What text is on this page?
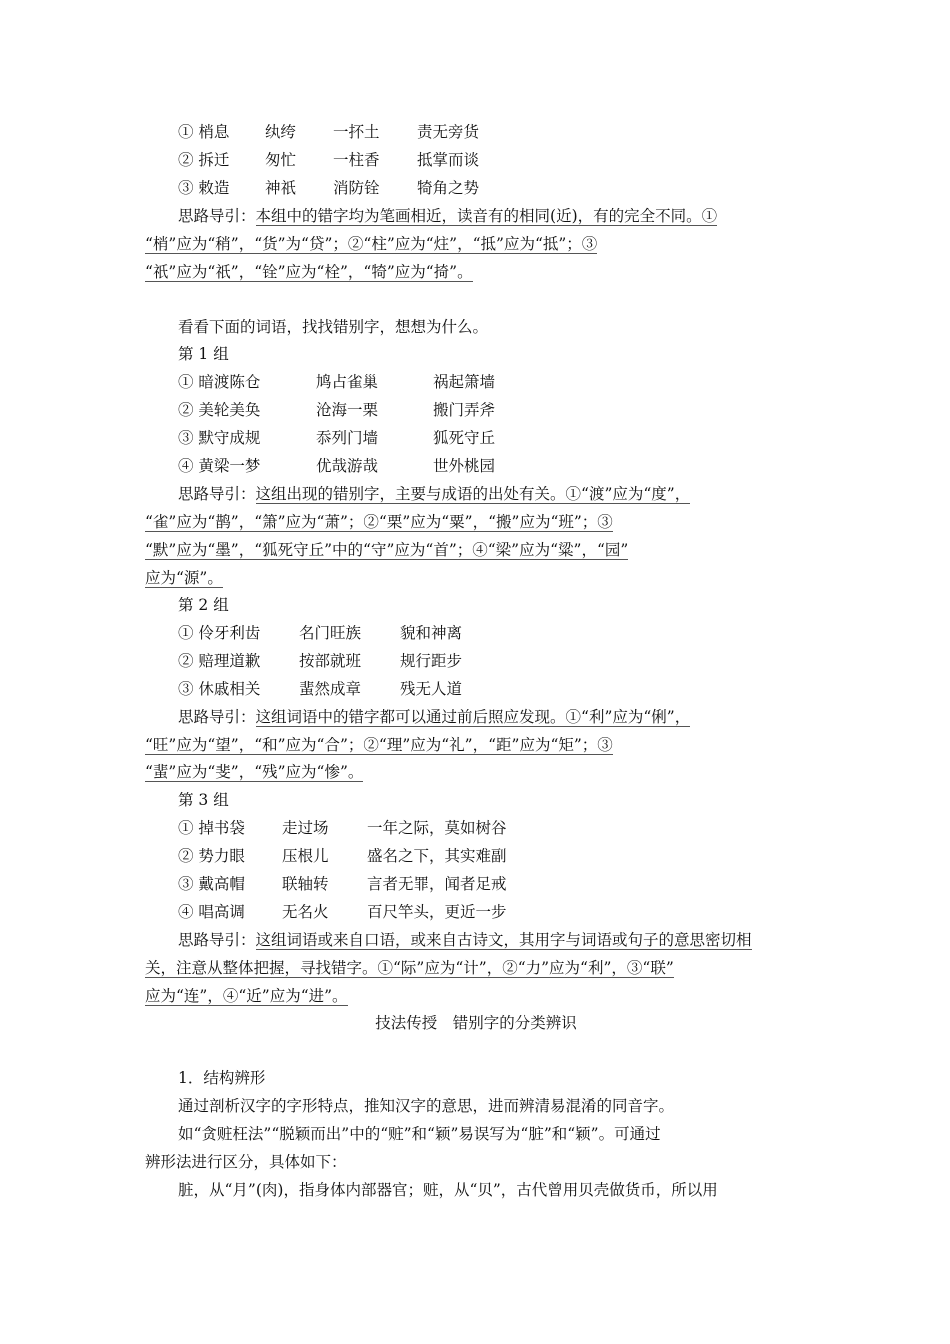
① 梢息 纨绔 一抔土 责无旁货
② 拆迁 匆忙 一柱香 抵掌而谈
③ 敕造 神祇 消防铨 犄角之势
思路导引：本组中的错字均为笔画相近，读音有的相同(近)，有的完全不同。①
“梢”应为“稍”，“货”为“贷”；②“柱”应为“炷”，“抵”应为“抵”；③
“祇”应为“祇”，“铨”应为“栓”，“犄”应为“掎”。
看看下面的词语，找找错别字，想想为什么。
第 1 组
① 暗渡陈仓	鸠占雀巢	祸起箫墙
② 美轮美奂	沧海一栗	搬门弄斧
③ 默守成规	忝列门墙	狐死守丘
④ 黄梁一梦	优哉游哉	世外桃园
思路导引：这组出现的错别字，主要与成语的出处有关。①“渡”应为“度”，
“雀”应为“鹊”，“箫”应为“萧”；②“栗”应为“粟”，“搬”应为“班”；③
“默”应为“墨”，“狐死守丘”中的“守”应为“首”；④“梁”应为“粱”，“园”
应为“源”。
第 2 组
① 伶牙利齿 名门旺族	貌和神离
② 赔理道歉 按部就班	规行距步
③ 休戚相关 蜚然成章	残无人道
思路导引：这组词语中的错字都可以通过前后照应发现。①“利”应为“俐”，
“旺”应为“望”，“和”应为“合”；②“理”应为“礼”，“距”应为“矩”；③
“蜚”应为“斐”，“残”应为“惨”。
第 3 组
① 掉书袋 走过场 一年之际，莫如树谷
② 势力眼 压根儿 盛名之下，其实难副
③ 戴高帽 联轴转 言者无罪，闻者足戒
④ 唱高调 无名火 百尺竿头，更近一步
思路导引：这组词语或来自口语，或来自古诗文，其用字与词语或句子的意思密切相
关，注意从整体把握，寻找错字。①“际”应为“计”，②“力”应为“利”，③“联”
应为“连”，④“近”应为“进”。
技法传授　错别字的分类辨识
1．结构辨形
通过剖析汉字的字形特点，推知汉字的意思，进而辨清易混淆的同音字。
如“贪赃枉法”“脱颖而出”中的“赃”和“颖”易误写为“脏”和“颖”。可通过
辨形法进行区分，具体如下：
脏，从“月”(肉)，指身体内部器官；赃，从“贝”，古代曾用贝壳做货币，所以用
